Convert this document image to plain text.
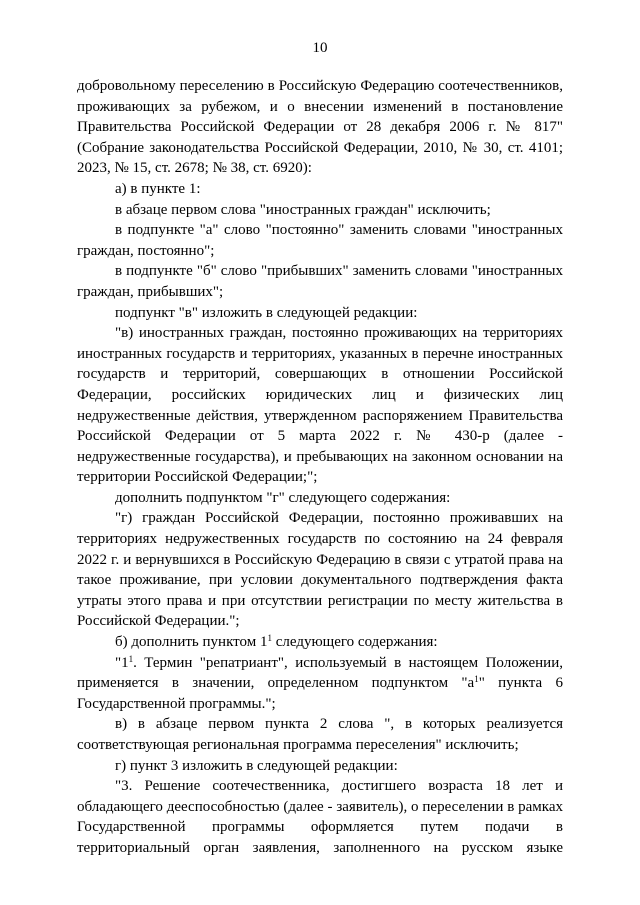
10

добровольному переселению в Российскую Федерацию соотечественников, проживающих за рубежом, и о внесении изменений в постановление Правительства Российской Федерации от 28 декабря 2006 г. № 817" (Собрание законодательства Российской Федерации, 2010, № 30, ст. 4101; 2023, № 15, ст. 2678; № 38, ст. 6920):

а) в пункте 1:

в абзаце первом слова "иностранных граждан" исключить;

в подпункте "а" слово "постоянно" заменить словами "иностранных граждан, постоянно";

в подпункте "б" слово "прибывших" заменить словами "иностранных граждан, прибывших";

подпункт "в" изложить в следующей редакции:

"в) иностранных граждан, постоянно проживающих на территориях иностранных государств и территориях, указанных в перечне иностранных государств и территорий, совершающих в отношении Российской Федерации, российских юридических лиц и физических лиц недружественные действия, утвержденном распоряжением Правительства Российской Федерации от 5 марта 2022 г. № 430-р (далее - недружественные государства), и пребывающих на законном основании на территории Российской Федерации;";

дополнить подпунктом "г" следующего содержания:

"г) граждан Российской Федерации, постоянно проживавших на территориях недружественных государств по состоянию на 24 февраля 2022 г. и вернувшихся в Российскую Федерацию в связи с утратой права на такое проживание, при условии документального подтверждения факта утраты этого права и при отсутствии регистрации по месту жительства в Российской Федерации.";

б) дополнить пунктом $1^1$ следующего содержания:

"$1^1$. Термин "репатриант", используемый в настоящем Положении, применяется в значении, определенном подпунктом "$а^1$" пункта 6 Государственной программы.";

в) в абзаце первом пункта 2 слова ", в которых реализуется соответствующая региональная программа переселения" исключить;

г) пункт 3 изложить в следующей редакции:

"3. Решение соотечественника, достигшего возраста 18 лет и обладающего дееспособностью (далее - заявитель), о переселении в рамках Государственной программы оформляется путем подачи в территориальный орган заявления, заполненного на русском языке
